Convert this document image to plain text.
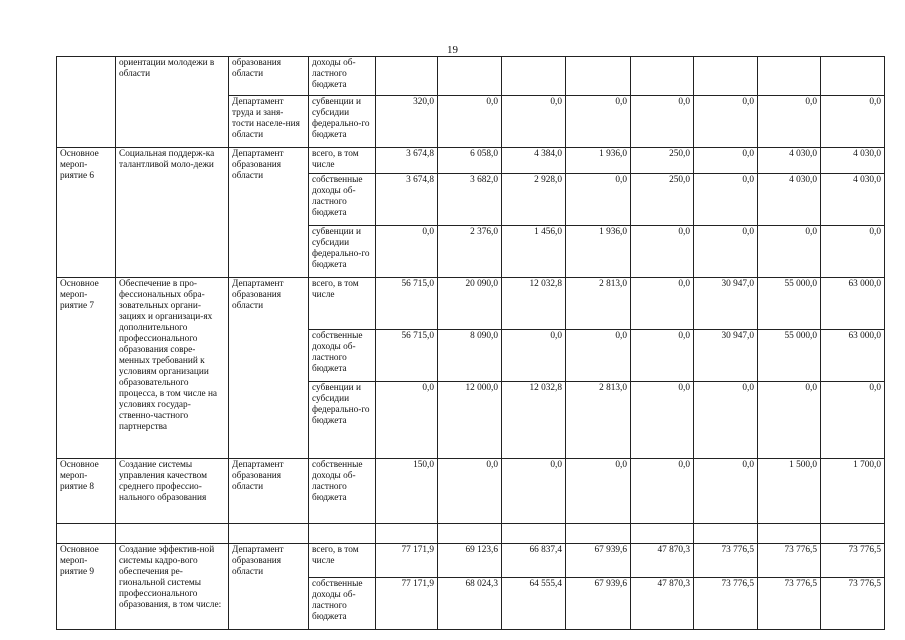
19
	ориентации молодежи в области	образования области	доходы об-ластного бюджета								
		Департамент труда и заня-тости населе-ния области	субвенции и субсидии федерально-го бюджета	320,0	0,0	0,0	0,0	0,0	0,0	0,0	0,0
Основное мероп-риятие 6	Социальная поддерж-ка талантливой моло-дежи	Департамент образования области	всего, в том числе	3 674,8	6 058,0	4 384,0	1 936,0	250,0	0,0	4 030,0	4 030,0
			собственные доходы об-ластного бюджета	3 674,8	3 682,0	2 928,0	0,0	250,0	0,0	4 030,0	4 030,0
			субвенции и субсидии федерально-го бюджета	0,0	2 376,0	1 456,0	1 936,0	0,0	0,0	0,0	0,0
Основное мероп-риятие 7	Обеспечение в про-фессиональных обра-зовательных органи-зациях и организаци-ях дополнительного профессионального образования совре-менных требований к условиям организации образовательного процесса, в том числе на условиях государ-ственно-частного партнерства	Департамент образования области	всего, в том числе	56 715,0	20 090,0	12 032,8	2 813,0	0,0	30 947,0	55 000,0	63 000,0
			собственные доходы об-ластного бюджета	56 715,0	8 090,0	0,0	0,0	0,0	30 947,0	55 000,0	63 000,0
			субвенции и субсидии федерально-го бюджета	0,0	12 000,0	12 032,8	2 813,0	0,0	0,0	0,0	0,0
Основное мероп-риятие 8	Создание системы управления качеством среднего профессио-нального образования	Департамент образования области	собственные доходы об-ластного бюджета	150,0	0,0	0,0	0,0	0,0	0,0	1 500,0	1 700,0

Основное мероп-риятие 9	Создание эффектив-ной системы кадро-вого обеспечения ре-гиональной системы профессионального образования, в том числе:	Департамент образования области	всего, в том числе	77 171,9	69 123,6	66 837,4	67 939,6	47 870,3	73 776,5	73 776,5	73 776,5
			собственные доходы об-ластного бюджета	77 171,9	68 024,3	64 555,4	67 939,6	47 870,3	73 776,5	73 776,5	73 776,5
